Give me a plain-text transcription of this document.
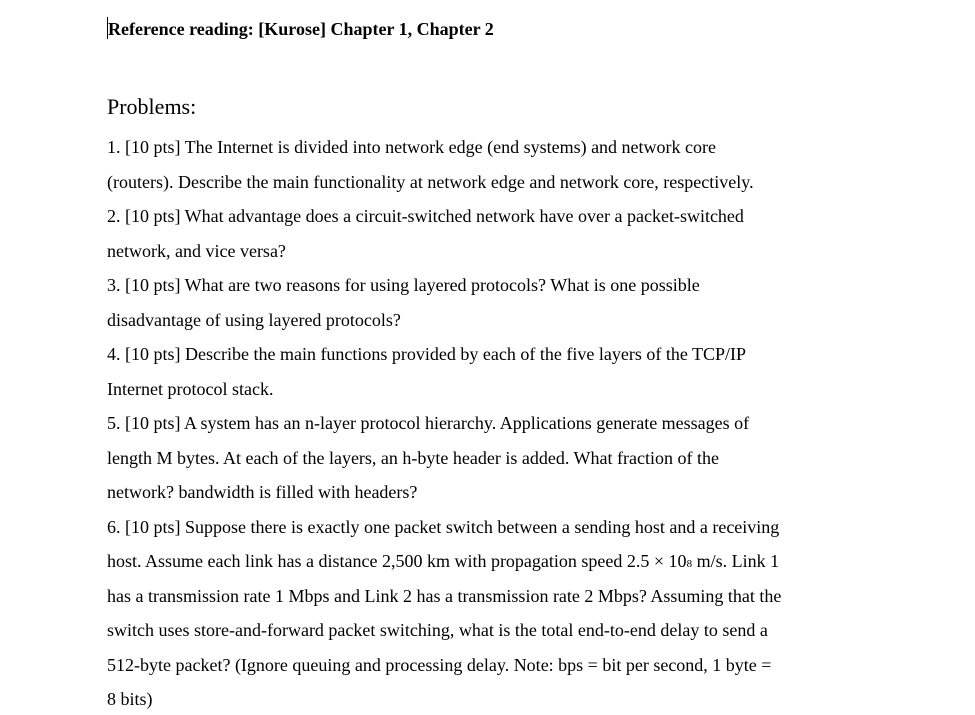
Reference reading: [Kurose] Chapter 1, Chapter 2
Problems:
1. [10 pts] The Internet is divided into network edge (end systems) and network core
(routers). Describe the main functionality at network edge and network core, respectively.
2. [10 pts] What advantage does a circuit-switched network have over a packet-switched
network, and vice versa?
3. [10 pts] What are two reasons for using layered protocols? What is one possible
disadvantage of using layered protocols?
4. [10 pts] Describe the main functions provided by each of the five layers of the TCP/IP
Internet protocol stack.
5. [10 pts] A system has an n-layer protocol hierarchy. Applications generate messages of
length M bytes. At each of the layers, an h-byte header is added. What fraction of the
network? bandwidth is filled with headers?
6. [10 pts] Suppose there is exactly one packet switch between a sending host and a receiving
host. Assume each link has a distance 2,500 km with propagation speed 2.5 × 108 m/s. Link 1
has a transmission rate 1 Mbps and Link 2 has a transmission rate 2 Mbps? Assuming that the
switch uses store-and-forward packet switching, what is the total end-to-end delay to send a
512-byte packet? (Ignore queuing and processing delay. Note: bps = bit per second, 1 byte =
8 bits)
